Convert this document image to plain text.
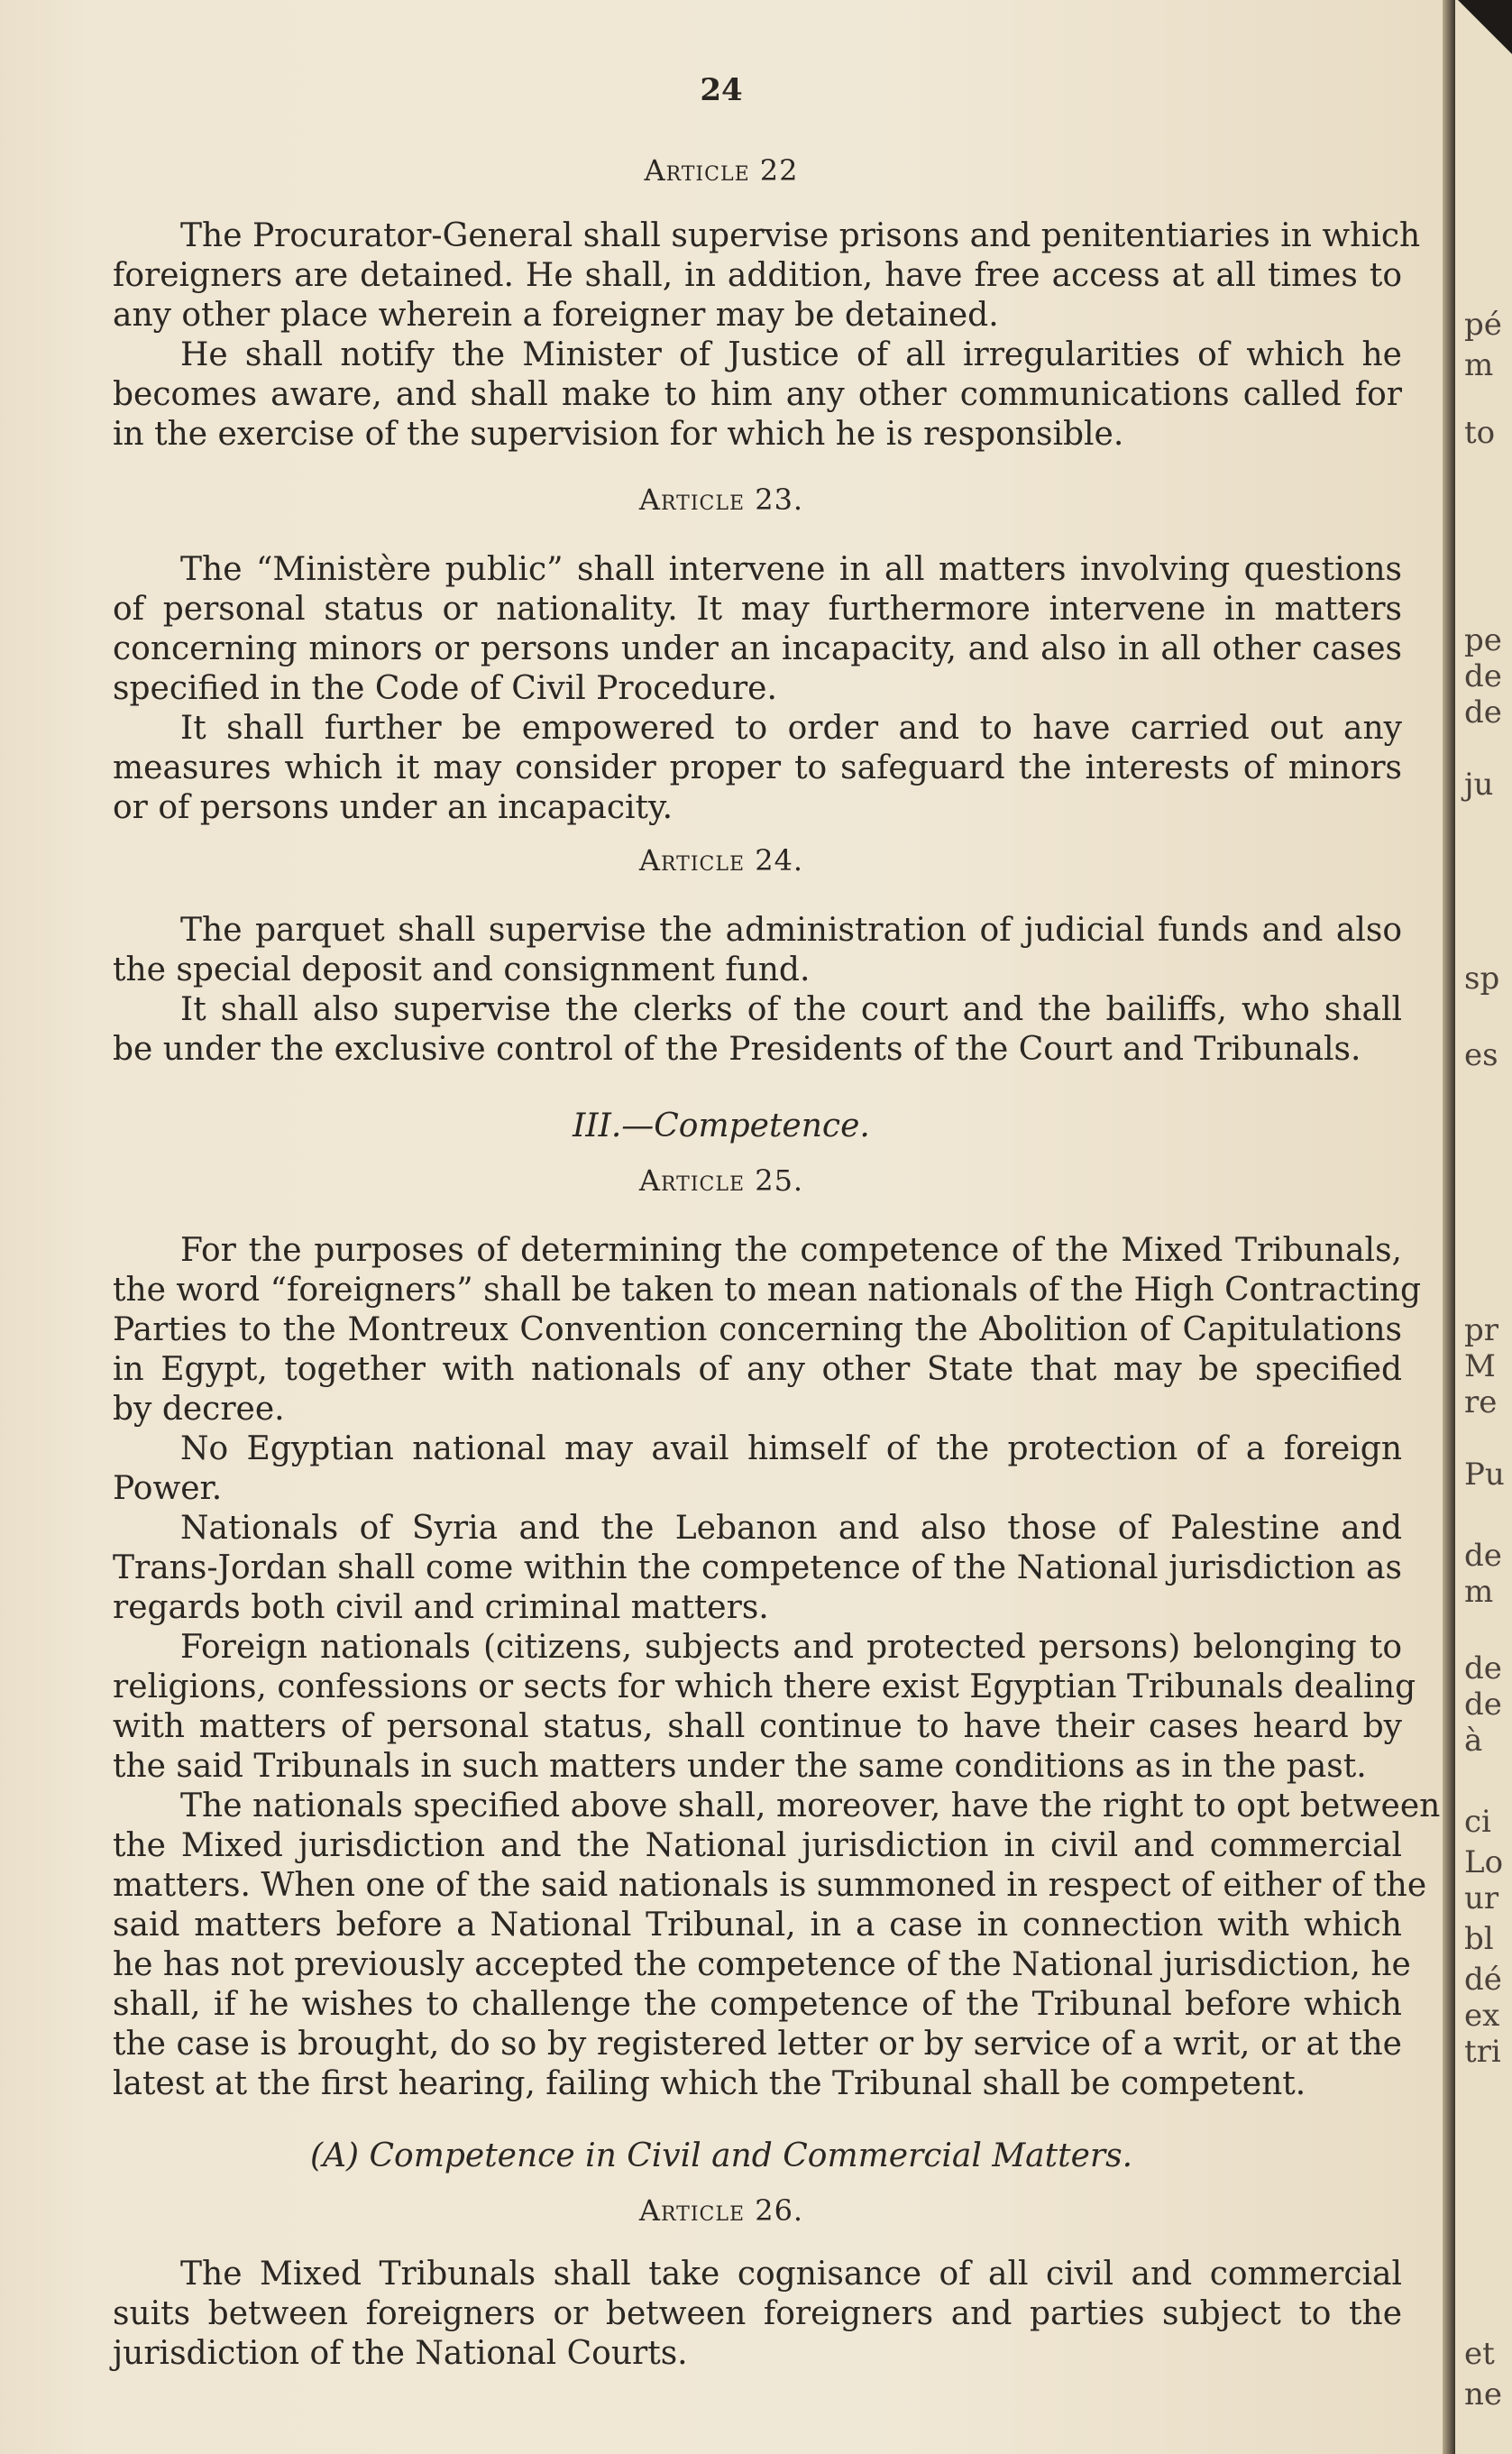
24
Article 22
The Procurator-General shall supervise prisons and penitentiaries in which
foreigners are detained. He shall, in addition, have free access at all times to
any other place wherein a foreigner may be detained.
He shall notify the Minister of Justice of all irregularities of which he
becomes aware, and shall make to him any other communications called for
in the exercise of the supervision for which he is responsible.
Article 23.
The “Ministère public” shall intervene in all matters involving questions
of personal status or nationality. It may furthermore intervene in matters
concerning minors or persons under an incapacity, and also in all other cases
specified in the Code of Civil Procedure.
It shall further be empowered to order and to have carried out any
measures which it may consider proper to safeguard the interests of minors
or of persons under an incapacity.
Article 24.
The parquet shall supervise the administration of judicial funds and also
the special deposit and consignment fund.
It shall also supervise the clerks of the court and the bailiffs, who shall
be under the exclusive control of the Presidents of the Court and Tribunals.
III.—Competence.
Article 25.
For the purposes of determining the competence of the Mixed Tribunals,
the word “foreigners” shall be taken to mean nationals of the High Contracting
Parties to the Montreux Convention concerning the Abolition of Capitulations
in Egypt, together with nationals of any other State that may be specified
by decree.
No Egyptian national may avail himself of the protection of a foreign
Power.
Nationals of Syria and the Lebanon and also those of Palestine and
Trans-Jordan shall come within the competence of the National jurisdiction as
regards both civil and criminal matters.
Foreign nationals (citizens, subjects and protected persons) belonging to
religions, confessions or sects for which there exist Egyptian Tribunals dealing
with matters of personal status, shall continue to have their cases heard by
the said Tribunals in such matters under the same conditions as in the past.
The nationals specified above shall, moreover, have the right to opt between
the Mixed jurisdiction and the National jurisdiction in civil and commercial
matters. When one of the said nationals is summoned in respect of either of the
said matters before a National Tribunal, in a case in connection with which
he has not previously accepted the competence of the National jurisdiction, he
shall, if he wishes to challenge the competence of the Tribunal before which
the case is brought, do so by registered letter or by service of a writ, or at the
latest at the first hearing, failing which the Tribunal shall be competent.
(A) Competence in Civil and Commercial Matters.
Article 26.
The Mixed Tribunals shall take cognisance of all civil and commercial
suits between foreigners or between foreigners and parties subject to the
jurisdiction of the National Courts.
pé
m
to
pe
de
de
ju
sp
es
pr
M
re
Pu
de
m
de
de
à
ci
Lo
ur
bl
dé
ex
tri
et
ne
